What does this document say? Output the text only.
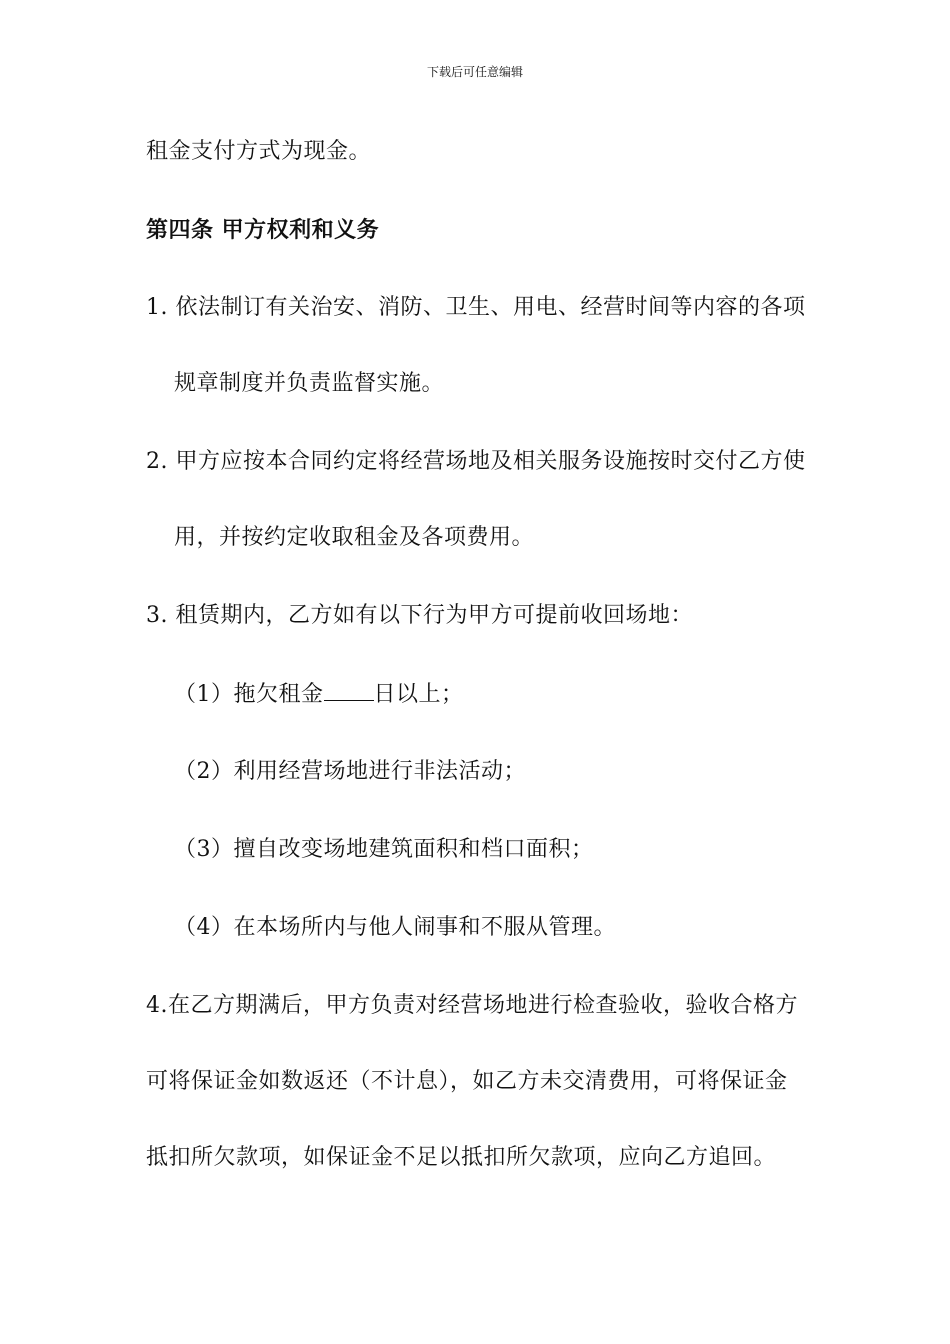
下载后可任意编辑
租金支付方式为现金。
第四条 甲方权利和义务
1. 依法制订有关治安、消防、卫生、用电、经营时间等内容的各项
规章制度并负责监督实施。
2. 甲方应按本合同约定将经营场地及相关服务设施按时交付乙方使
用，并按约定收取租金及各项费用。
3. 租赁期内，乙方如有以下行为甲方可提前收回场地：
（1）拖欠租金 日以上；
（2）利用经营场地进行非法活动；
（3）擅自改变场地建筑面积和档口面积；
（4）在本场所内与他人闹事和不服从管理。
4.在乙方期满后，甲方负责对经营场地进行检查验收，验收合格方
可将保证金如数返还（不计息），如乙方未交清费用，可将保证金
抵扣所欠款项，如保证金不足以抵扣所欠款项，应向乙方追回。
